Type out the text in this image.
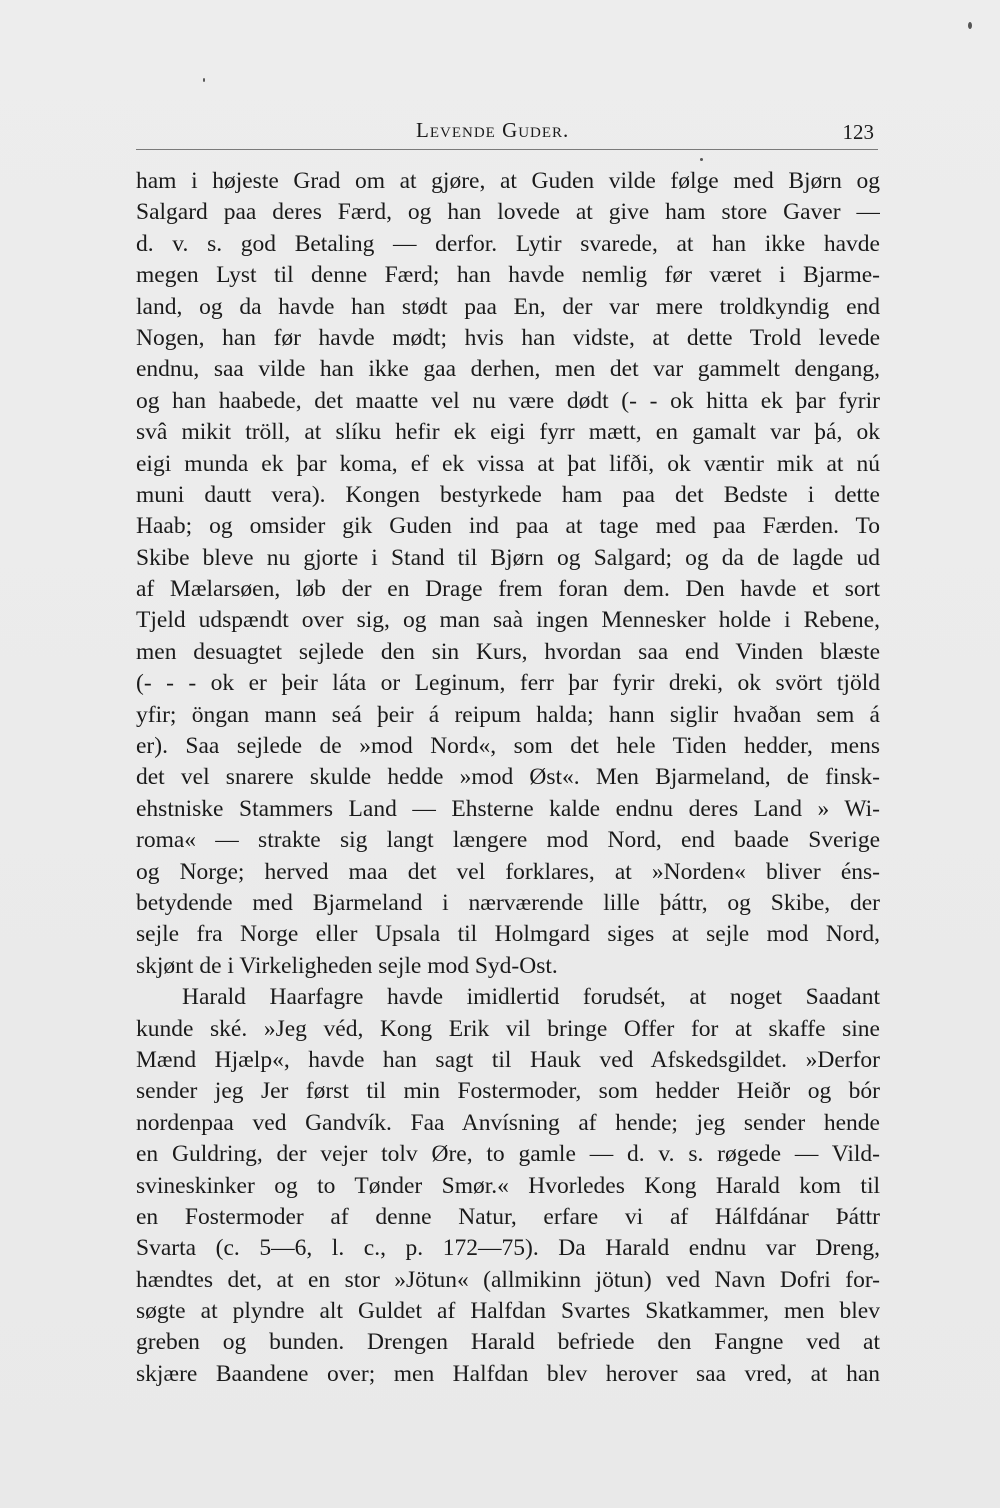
Levende Guder.	123
ham i højeste Grad om at gjøre, at Guden vilde følge med Bjørn og
Salgard paa deres Færd, og han lovede at give ham store Gaver —
d. v. s. god Betaling — derfor. Lytir svarede, at han ikke havde
megen Lyst til denne Færd; han havde nemlig før været i Bjarme-
land, og da havde han stødt paa En, der var mere troldkyndig end
Nogen, han før havde mødt; hvis han vidste, at dette Trold levede
endnu, saa vilde han ikke gaa derhen, men det var gammelt dengang,
og han haabede, det maatte vel nu være dødt (- - ok hitta ek þar fyrir
svâ mikit tröll, at slíku hefir ek eigi fyrr mætt, en gamalt var þá, ok
eigi munda ek þar koma, ef ek vissa at þat lifði, ok væntir mik at nú
muni dautt vera). Kongen bestyrkede ham paa det Bedste i dette
Haab; og omsider gik Guden ind paa at tage med paa Færden. To
Skibe bleve nu gjorte i Stand til Bjørn og Salgard; og da de lagde ud
af Mælarsøen, løb der en Drage frem foran dem. Den havde et sort
Tjeld udspændt over sig, og man saà ingen Mennesker holde i Rebene,
men desuagtet sejlede den sin Kurs, hvordan saa end Vinden blæste
(- - - ok er þeir láta or Leginum, ferr þar fyrir dreki, ok svört tjöld
yfir; öngan mann seá þeir á reipum halda; hann siglir hvaðan sem á
er). Saa sejlede de »mod Nord«, som det hele Tiden hedder, mens
det vel snarere skulde hedde »mod Øst«. Men Bjarmeland, de finsk-
ehstniske Stammers Land — Ehsterne kalde endnu deres Land » Wi-
roma« — strakte sig langt længere mod Nord, end baade Sverige
og Norge; herved maa det vel forklares, at »Norden« bliver éns-
betydende med Bjarmeland i nærværende lille þáttr, og Skibe, der
sejle fra Norge eller Upsala til Holmgard siges at sejle mod Nord,
skjønt de i Virkeligheden sejle mod Syd-Ost.
Harald Haarfagre havde imidlertid forudsét, at noget Saadant
kunde ské. »Jeg véd, Kong Erik vil bringe Offer for at skaffe sine
Mænd Hjælp«, havde han sagt til Hauk ved Afskedsgildet. »Derfor
sender jeg Jer først til min Fostermoder, som hedder Heiðr og bór
nordenpaa ved Gandvík. Faa Anvísning af hende; jeg sender hende
en Guldring, der vejer tolv Øre, to gamle — d. v. s. røgede — Vild-
svineskinker og to Tønder Smør.« Hvorledes Kong Harald kom til
en Fostermoder af denne Natur, erfare vi af Hálfdánar Þáttr
Svarta (c. 5—6, l. c., p. 172—75). Da Harald endnu var Dreng,
hændtes det, at en stor »Jötun« (allmikinn jötun) ved Navn Dofri for-
søgte at plyndre alt Guldet af Halfdan Svartes Skatkammer, men blev
greben og bunden. Drengen Harald befriede den Fangne ved at
skjære Baandene over; men Halfdan blev herover saa vred, at han
